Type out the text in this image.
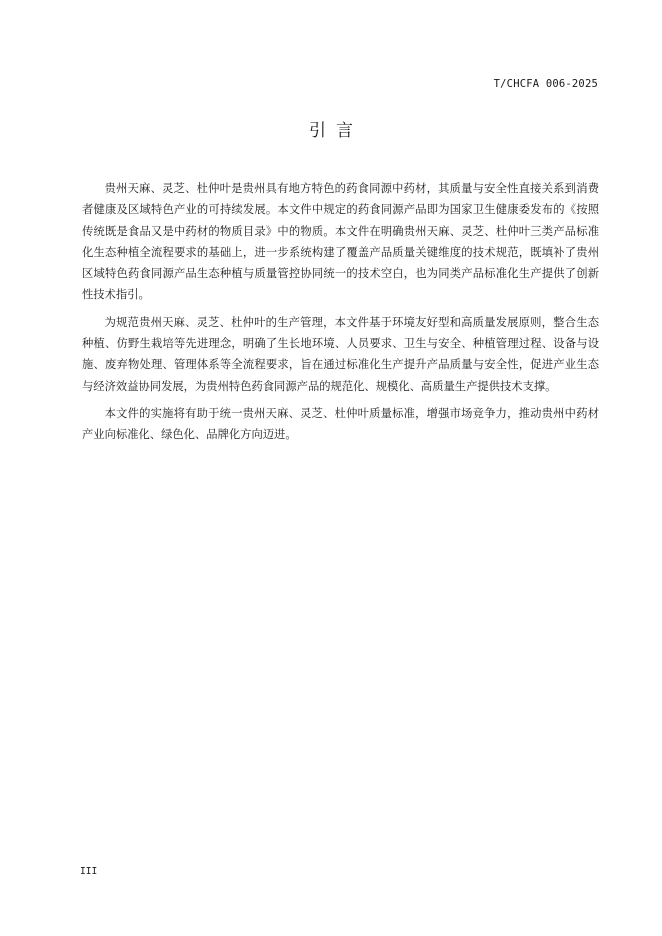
T/CHCFA 006-2025
引言

贵州天麻、灵芝、杜仲叶是贵州具有地方特色的药食同源中药材，其质量与安全性直接关系到消费者健康及区域特色产业的可持续发展。本文件中规定的药食同源产品即为国家卫生健康委发布的《按照传统既是食品又是中药材的物质目录》中的物质。本文件在明确贵州天麻、灵芝、杜仲叶三类产品标准化生态种植全流程要求的基础上，进一步系统构建了覆盖产品质量关键维度的技术规范，既填补了贵州区域特色药食同源产品生态种植与质量管控协同统一的技术空白，也为同类产品标准化生产提供了创新性技术指引。

为规范贵州天麻、灵芝、杜仲叶的生产管理，本文件基于环境友好型和高质量发展原则，整合生态种植、仿野生栽培等先进理念，明确了生长地环境、人员要求、卫生与安全、种植管理过程、设备与设施、废弃物处理、管理体系等全流程要求，旨在通过标准化生产提升产品质量与安全性，促进产业生态与经济效益协同发展，为贵州特色药食同源产品的规范化、规模化、高质量生产提供技术支撑。

本文件的实施将有助于统一贵州天麻、灵芝、杜仲叶质量标准，增强市场竞争力，推动贵州中药材产业向标准化、绿色化、品牌化方向迈进。

III
